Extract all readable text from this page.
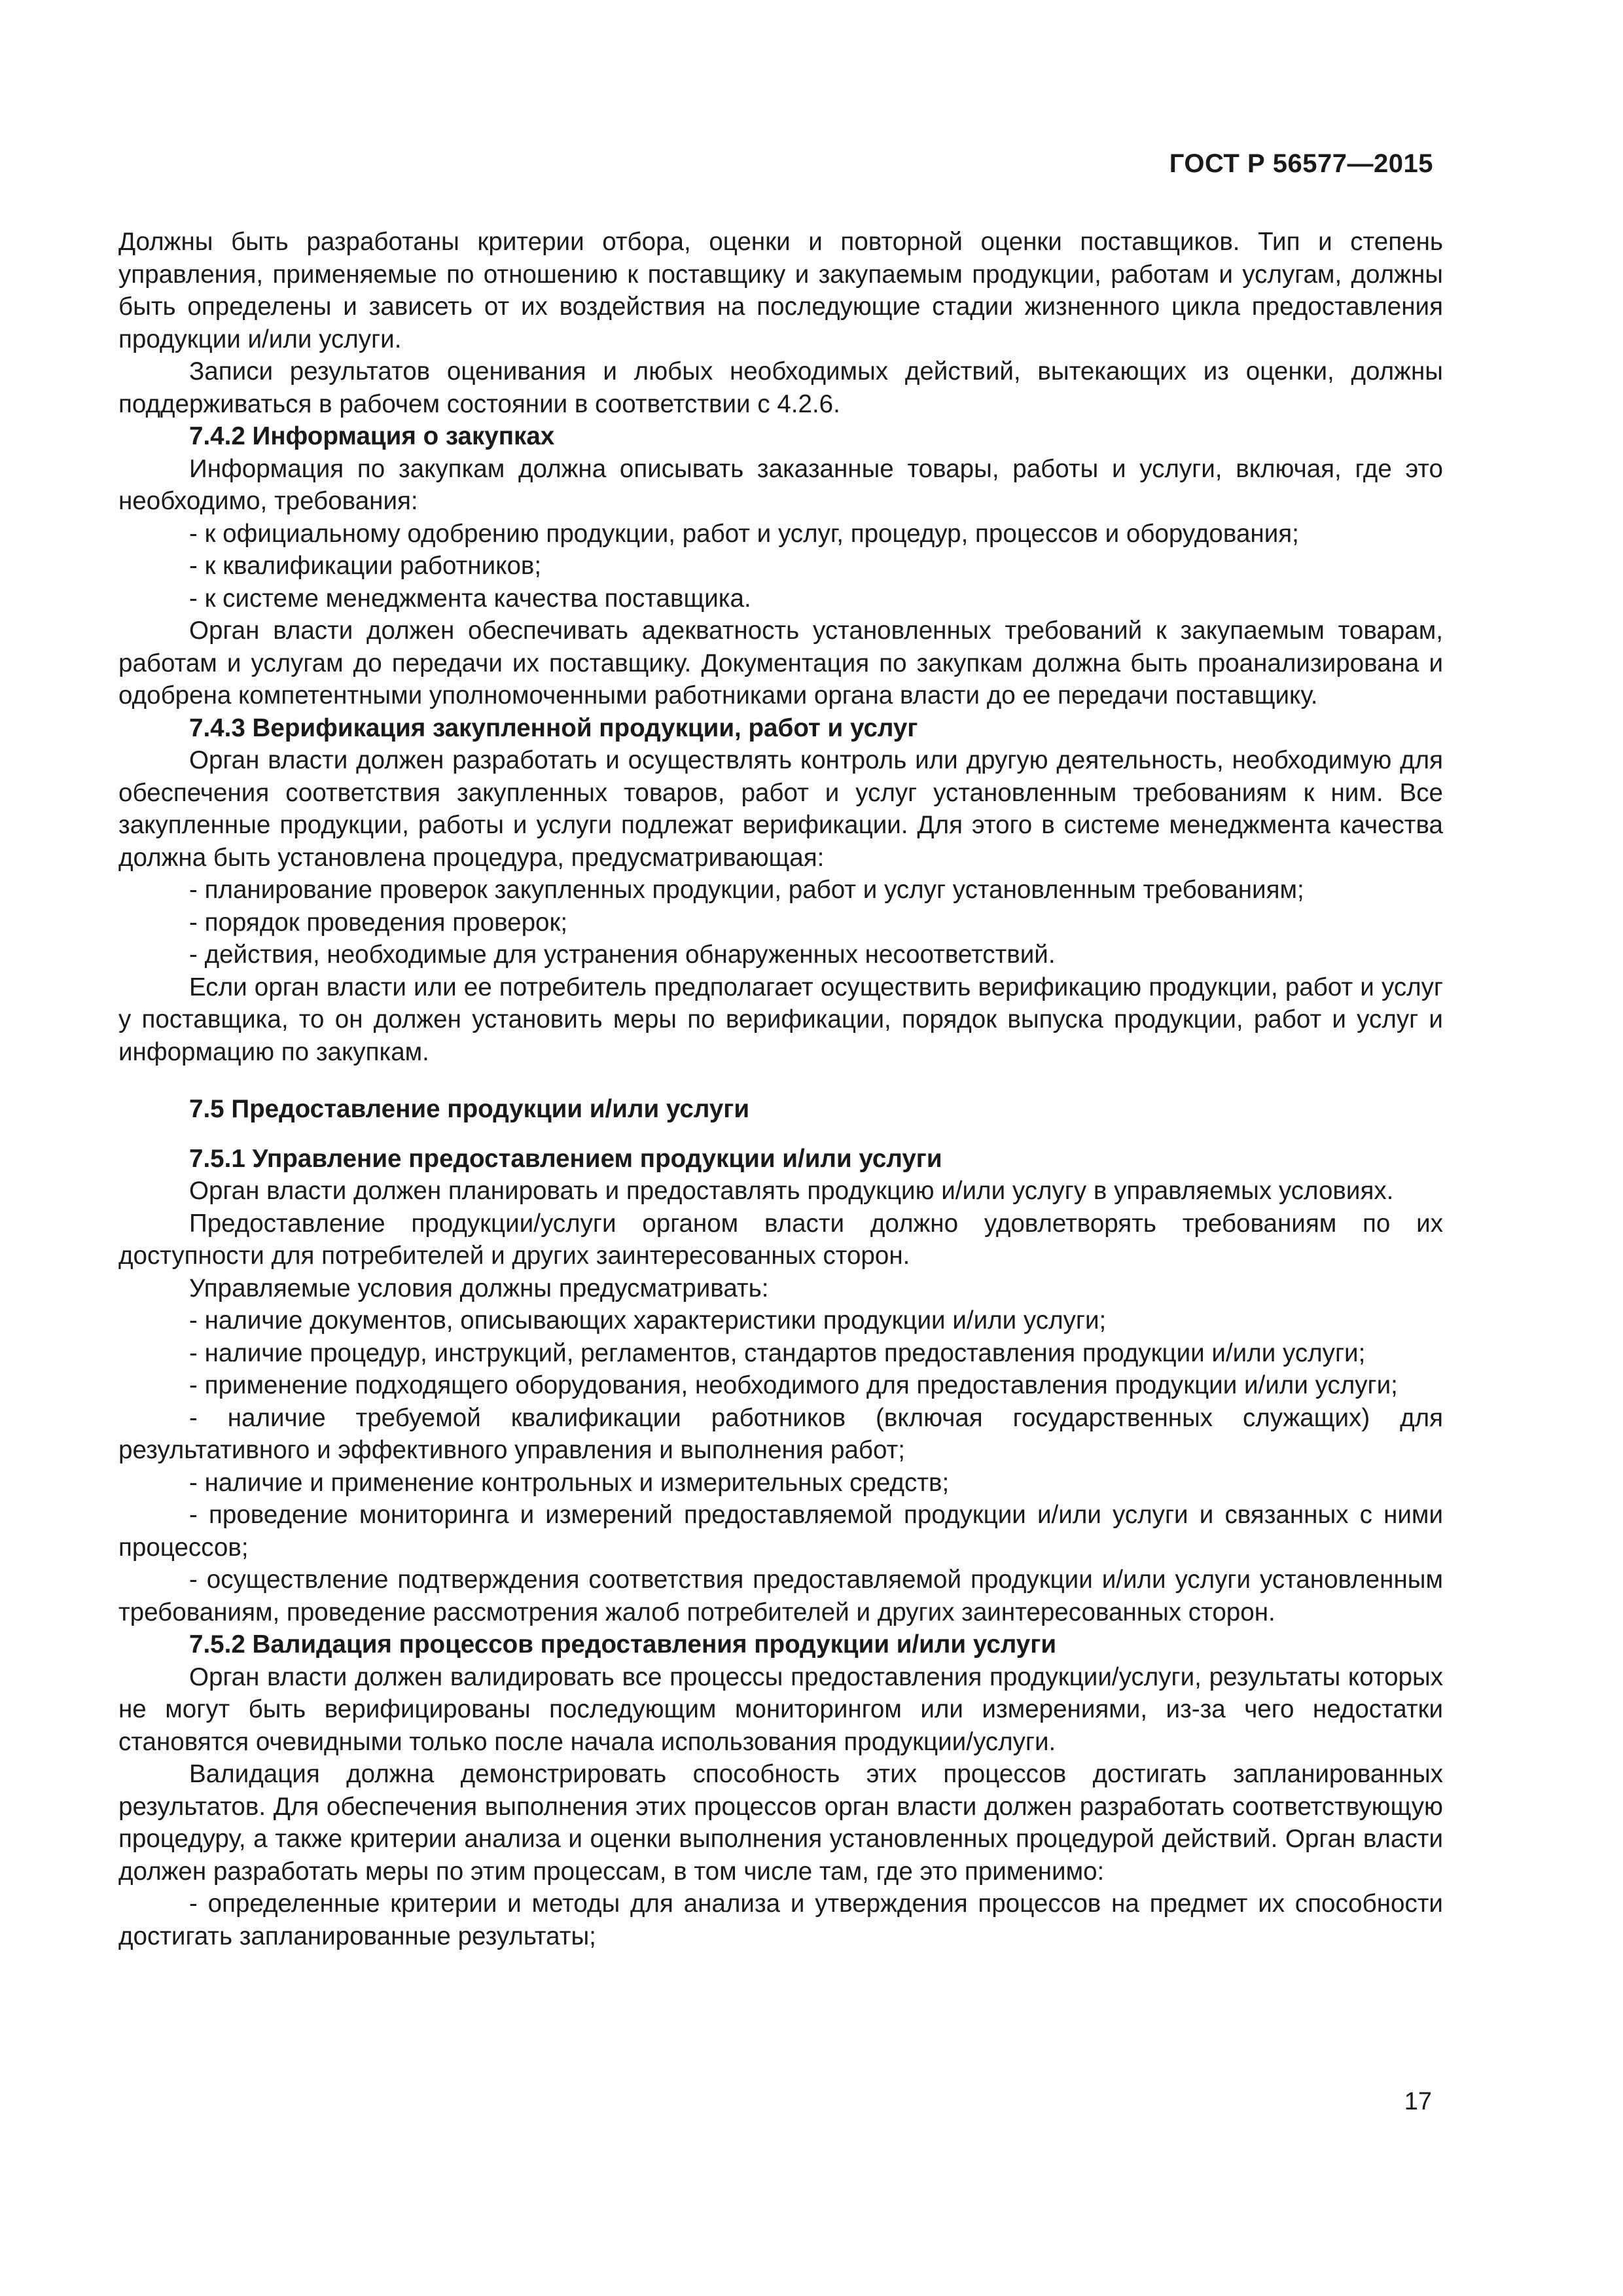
ГОСТ Р 56577—2015

Должны быть разработаны критерии отбора, оценки и повторной оценки поставщиков. Тип и степень управления, применяемые по отношению к поставщику и закупаемым продукции, работам и услугам, должны быть определены и зависеть от их воздействия на последующие стадии жизненного цикла предоставления продукции и/или услуги.

Записи результатов оценивания и любых необходимых действий, вытекающих из оценки, должны поддерживаться в рабочем состоянии в соответствии с 4.2.6.

7.4.2 Информация о закупках

Информация по закупкам должна описывать заказанные товары, работы и услуги, включая, где это необходимо, требования:

- к официальному одобрению продукции, работ и услуг, процедур, процессов и оборудования;

- к квалификации работников;

- к системе менеджмента качества поставщика.

Орган власти должен обеспечивать адекватность установленных требований к закупаемым товарам, работам и услугам до передачи их поставщику. Документация по закупкам должна быть проанализирована и одобрена компетентными уполномоченными работниками органа власти до ее передачи поставщику.

7.4.3 Верификация закупленной продукции, работ и услуг

Орган власти должен разработать и осуществлять контроль или другую деятельность, необходимую для обеспечения соответствия закупленных товаров, работ и услуг установленным требованиям к ним. Все закупленные продукции, работы и услуги подлежат верификации. Для этого в системе менеджмента качества должна быть установлена процедура, предусматривающая:

- планирование проверок закупленных продукции, работ и услуг установленным требованиям;

- порядок проведения проверок;

- действия, необходимые для устранения обнаруженных несоответствий.

Если орган власти или ее потребитель предполагает осуществить верификацию продукции, работ и услуг у поставщика, то он должен установить меры по верификации, порядок выпуска продукции, работ и услуг и информацию по закупкам.

7.5 Предоставление продукции и/или услуги

7.5.1 Управление предоставлением продукции и/или услуги

Орган власти должен планировать и предоставлять продукцию и/или услугу в управляемых условиях.

Предоставление продукции/услуги органом власти должно удовлетворять требованиям по их доступности для потребителей и других заинтересованных сторон.

Управляемые условия должны предусматривать:

- наличие документов, описывающих характеристики продукции и/или услуги;

- наличие процедур, инструкций, регламентов, стандартов предоставления продукции и/или услуги;

- применение подходящего оборудования, необходимого для предоставления продукции и/или услуги;

- наличие требуемой квалификации работников (включая государственных служащих) для результативного и эффективного управления и выполнения работ;

- наличие и применение контрольных и измерительных средств;

- проведение мониторинга и измерений предоставляемой продукции и/или услуги и связанных с ними процессов;

- осуществление подтверждения соответствия предоставляемой продукции и/или услуги установленным требованиям, проведение рассмотрения жалоб потребителей и других заинтересованных сторон.

7.5.2 Валидация процессов предоставления продукции и/или услуги

Орган власти должен валидировать все процессы предоставления продукции/услуги, результаты которых не могут быть верифицированы последующим мониторингом или измерениями, из-за чего недостатки становятся очевидными только после начала использования продукции/услуги.

Валидация должна демонстрировать способность этих процессов достигать запланированных результатов. Для обеспечения выполнения этих процессов орган власти должен разработать соответствующую процедуру, а также критерии анализа и оценки выполнения установленных процедурой действий. Орган власти должен разработать меры по этим процессам, в том числе там, где это применимо:

- определенные критерии и методы для анализа и утверждения процессов на предмет их способности достигать запланированные результаты;

17
